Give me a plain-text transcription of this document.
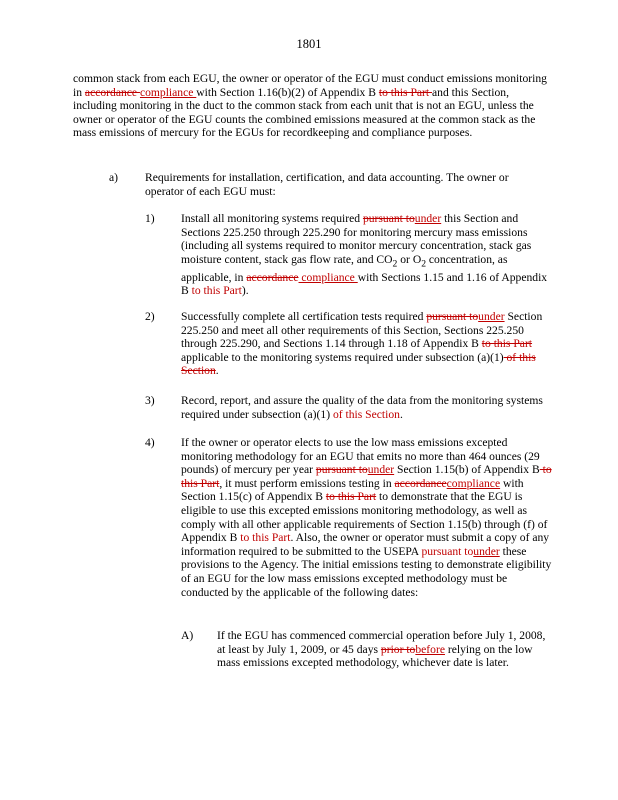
1801

common stack from each EGU, the owner or operator of the EGU must conduct emissions monitoring in accordance compliance with Section 1.16(b)(2) of Appendix B to this Part and this Section, including monitoring in the duct to the common stack from each unit that is not an EGU, unless the owner or operator of the EGU counts the combined emissions measured at the common stack as the mass emissions of mercury for the EGUs for recordkeeping and compliance purposes.

a) Requirements for installation, certification, and data accounting. The owner or operator of each EGU must:

1) Install all monitoring systems required pursuant tounder this Section and Sections 225.250 through 225.290 for monitoring mercury mass emissions (including all systems required to monitor mercury concentration, stack gas moisture content, stack gas flow rate, and $CO_2$ or $O_2$ concentration, as applicable, in accordance compliance with Sections 1.15 and 1.16 of Appendix B to this Part).

2) Successfully complete all certification tests required pursuant tounder Section 225.250 and meet all other requirements of this Section, Sections 225.250 through 225.290, and Sections 1.14 through 1.18 of Appendix B to this Part applicable to the monitoring systems required under subsection (a)(1) of this Section.

3) Record, report, and assure the quality of the data from the monitoring systems required under subsection (a)(1) of this Section.

4) If the owner or operator elects to use the low mass emissions excepted monitoring methodology for an EGU that emits no more than 464 ounces (29 pounds) of mercury per year pursuant tounder Section 1.15(b) of Appendix B to this Part, it must perform emissions testing in accordancecompliance with Section 1.15(c) of Appendix B to this Part to demonstrate that the EGU is eligible to use this excepted emissions monitoring methodology, as well as comply with all other applicable requirements of Section 1.15(b) through (f) of Appendix B to this Part. Also, the owner or operator must submit a copy of any information required to be submitted to the USEPA pursuant tounder these provisions to the Agency. The initial emissions testing to demonstrate eligibility of an EGU for the low mass emissions excepted methodology must be conducted by the applicable of the following dates:

A) If the EGU has commenced commercial operation before July 1, 2008, at least by July 1, 2009, or 45 days prior tobefore relying on the low mass emissions excepted methodology, whichever date is later.
